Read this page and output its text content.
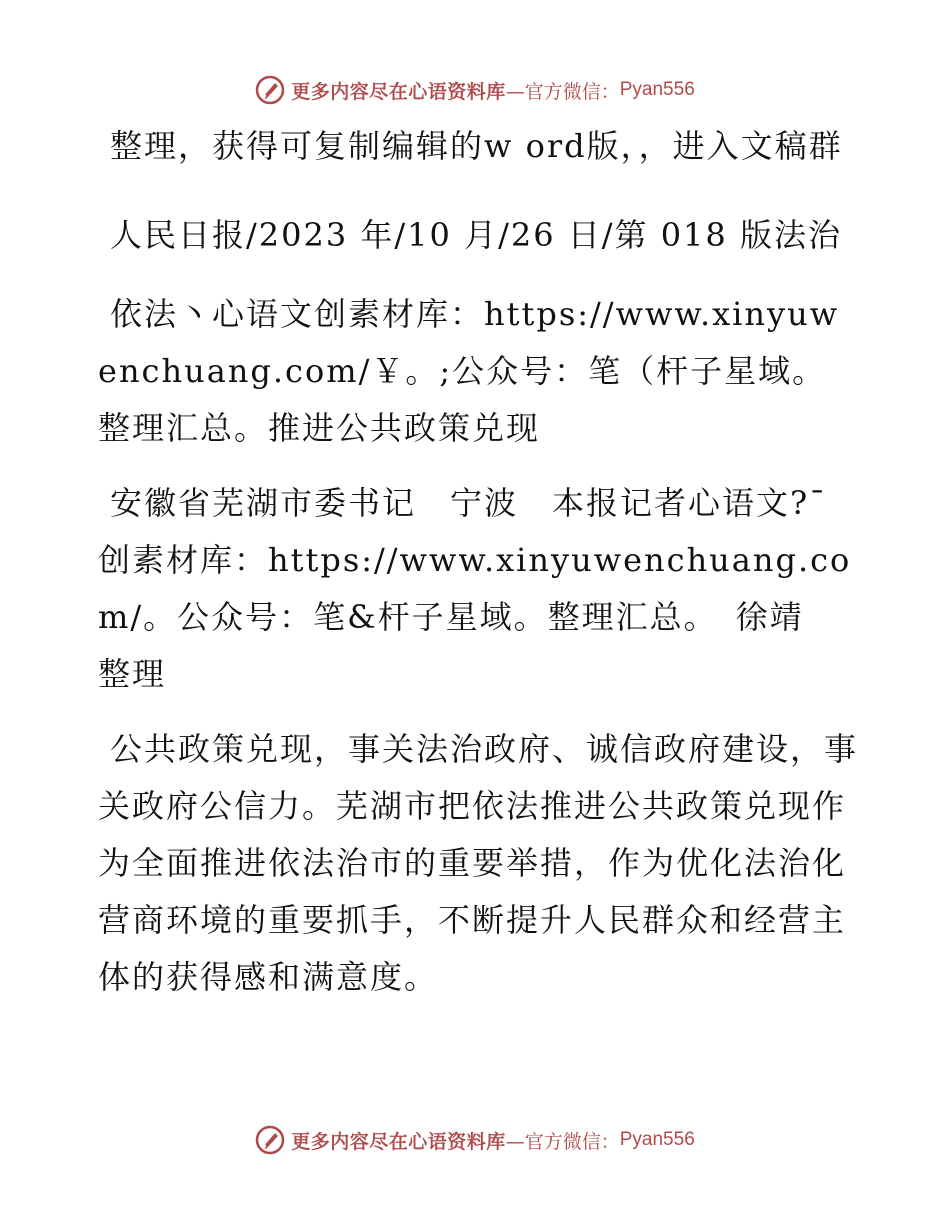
更多内容尽在心语资料库 —官方微信： Pyan556

整理，获得可复制编辑的w ord版，，进入文稿群

人民日报/2023 年/10 月/26 日/第 018 版法治

依法丶心语文创素材库：https://www.xinyuwenchuang.com/￥。;公众号：笔（杆子星域。整理汇总。推进公共政策兑现

安徽省芜湖市委书记　宁波　本报记者心语文?¯创素材库：https://www.xinyuwenchuang.com/。公众号：笔&杆子星域。整理汇总。　徐靖　整理

公共政策兑现，事关法治政府、诚信政府建设，事关政府公信力。芜湖市把依法推进公共政策兑现作为全面推进依法治市的重要举措，作为优化法治化营商环境的重要抓手，不断提升人民群众和经营主体的获得感和满意度。

更多内容尽在心语资料库 —官方微信： Pyan556
